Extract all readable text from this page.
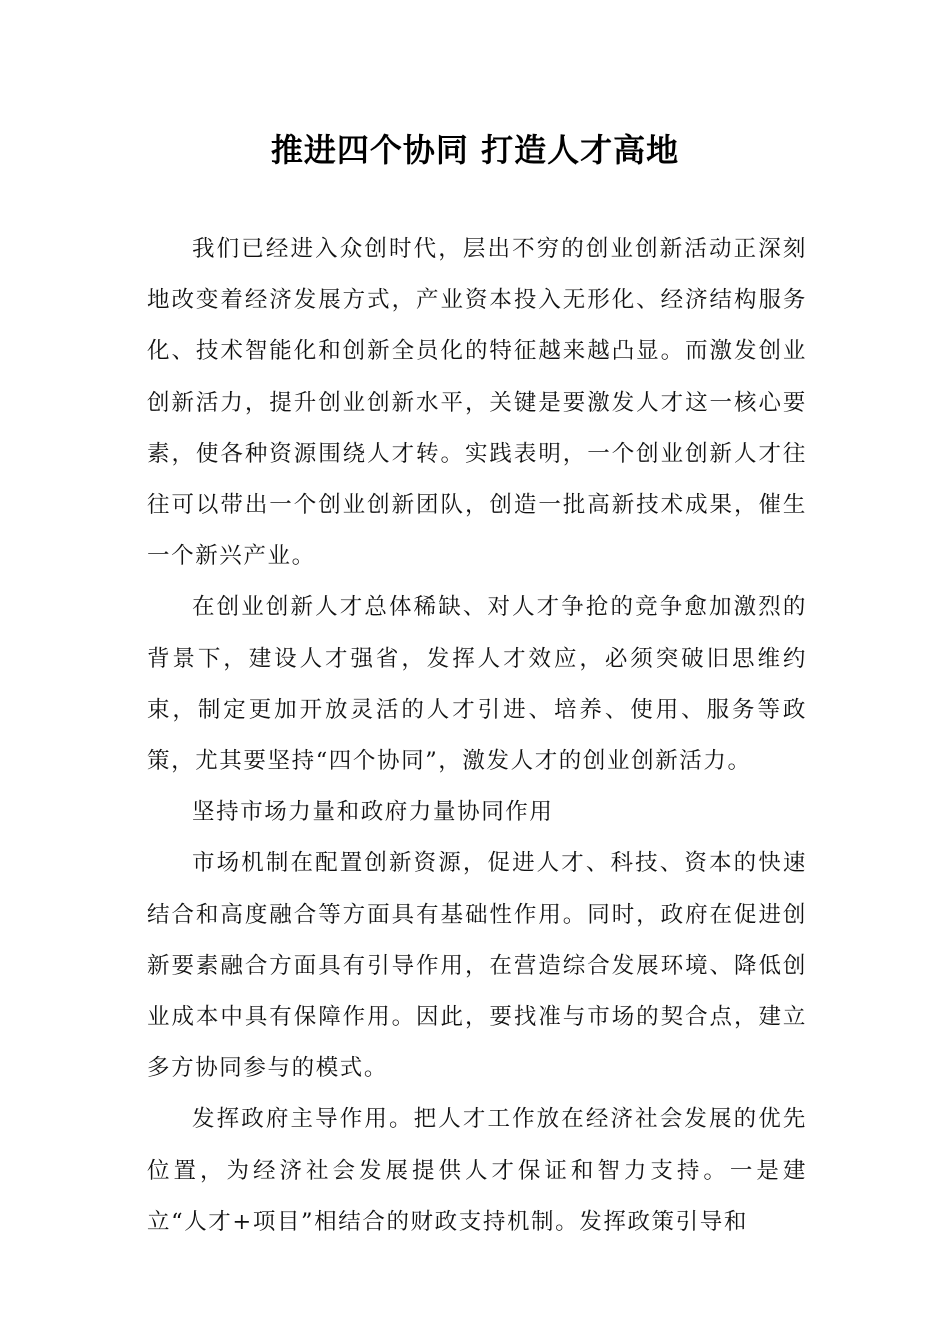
推进四个协同 打造人才高地

我们已经进入众创时代，层出不穷的创业创新活动正深刻地改变着经济发展方式，产业资本投入无形化、经济结构服务化、技术智能化和创新全员化的特征越来越凸显。而激发创业创新活力，提升创业创新水平，关键是要激发人才这一核心要素，使各种资源围绕人才转。实践表明，一个创业创新人才往往可以带出一个创业创新团队，创造一批高新技术成果，催生一个新兴产业。

在创业创新人才总体稀缺、对人才争抢的竞争愈加激烈的背景下，建设人才强省，发挥人才效应，必须突破旧思维约束，制定更加开放灵活的人才引进、培养、使用、服务等政策，尤其要坚持“四个协同”，激发人才的创业创新活力。

坚持市场力量和政府力量协同作用

市场机制在配置创新资源，促进人才、科技、资本的快速结合和高度融合等方面具有基础性作用。同时，政府在促进创新要素融合方面具有引导作用，在营造综合发展环境、降低创业成本中具有保障作用。因此，要找准与市场的契合点，建立多方协同参与的模式。

发挥政府主导作用。把人才工作放在经济社会发展的优先位置，为经济社会发展提供人才保证和智力支持。一是建立“人才+项目”相结合的财政支持机制。发挥政策引导和
